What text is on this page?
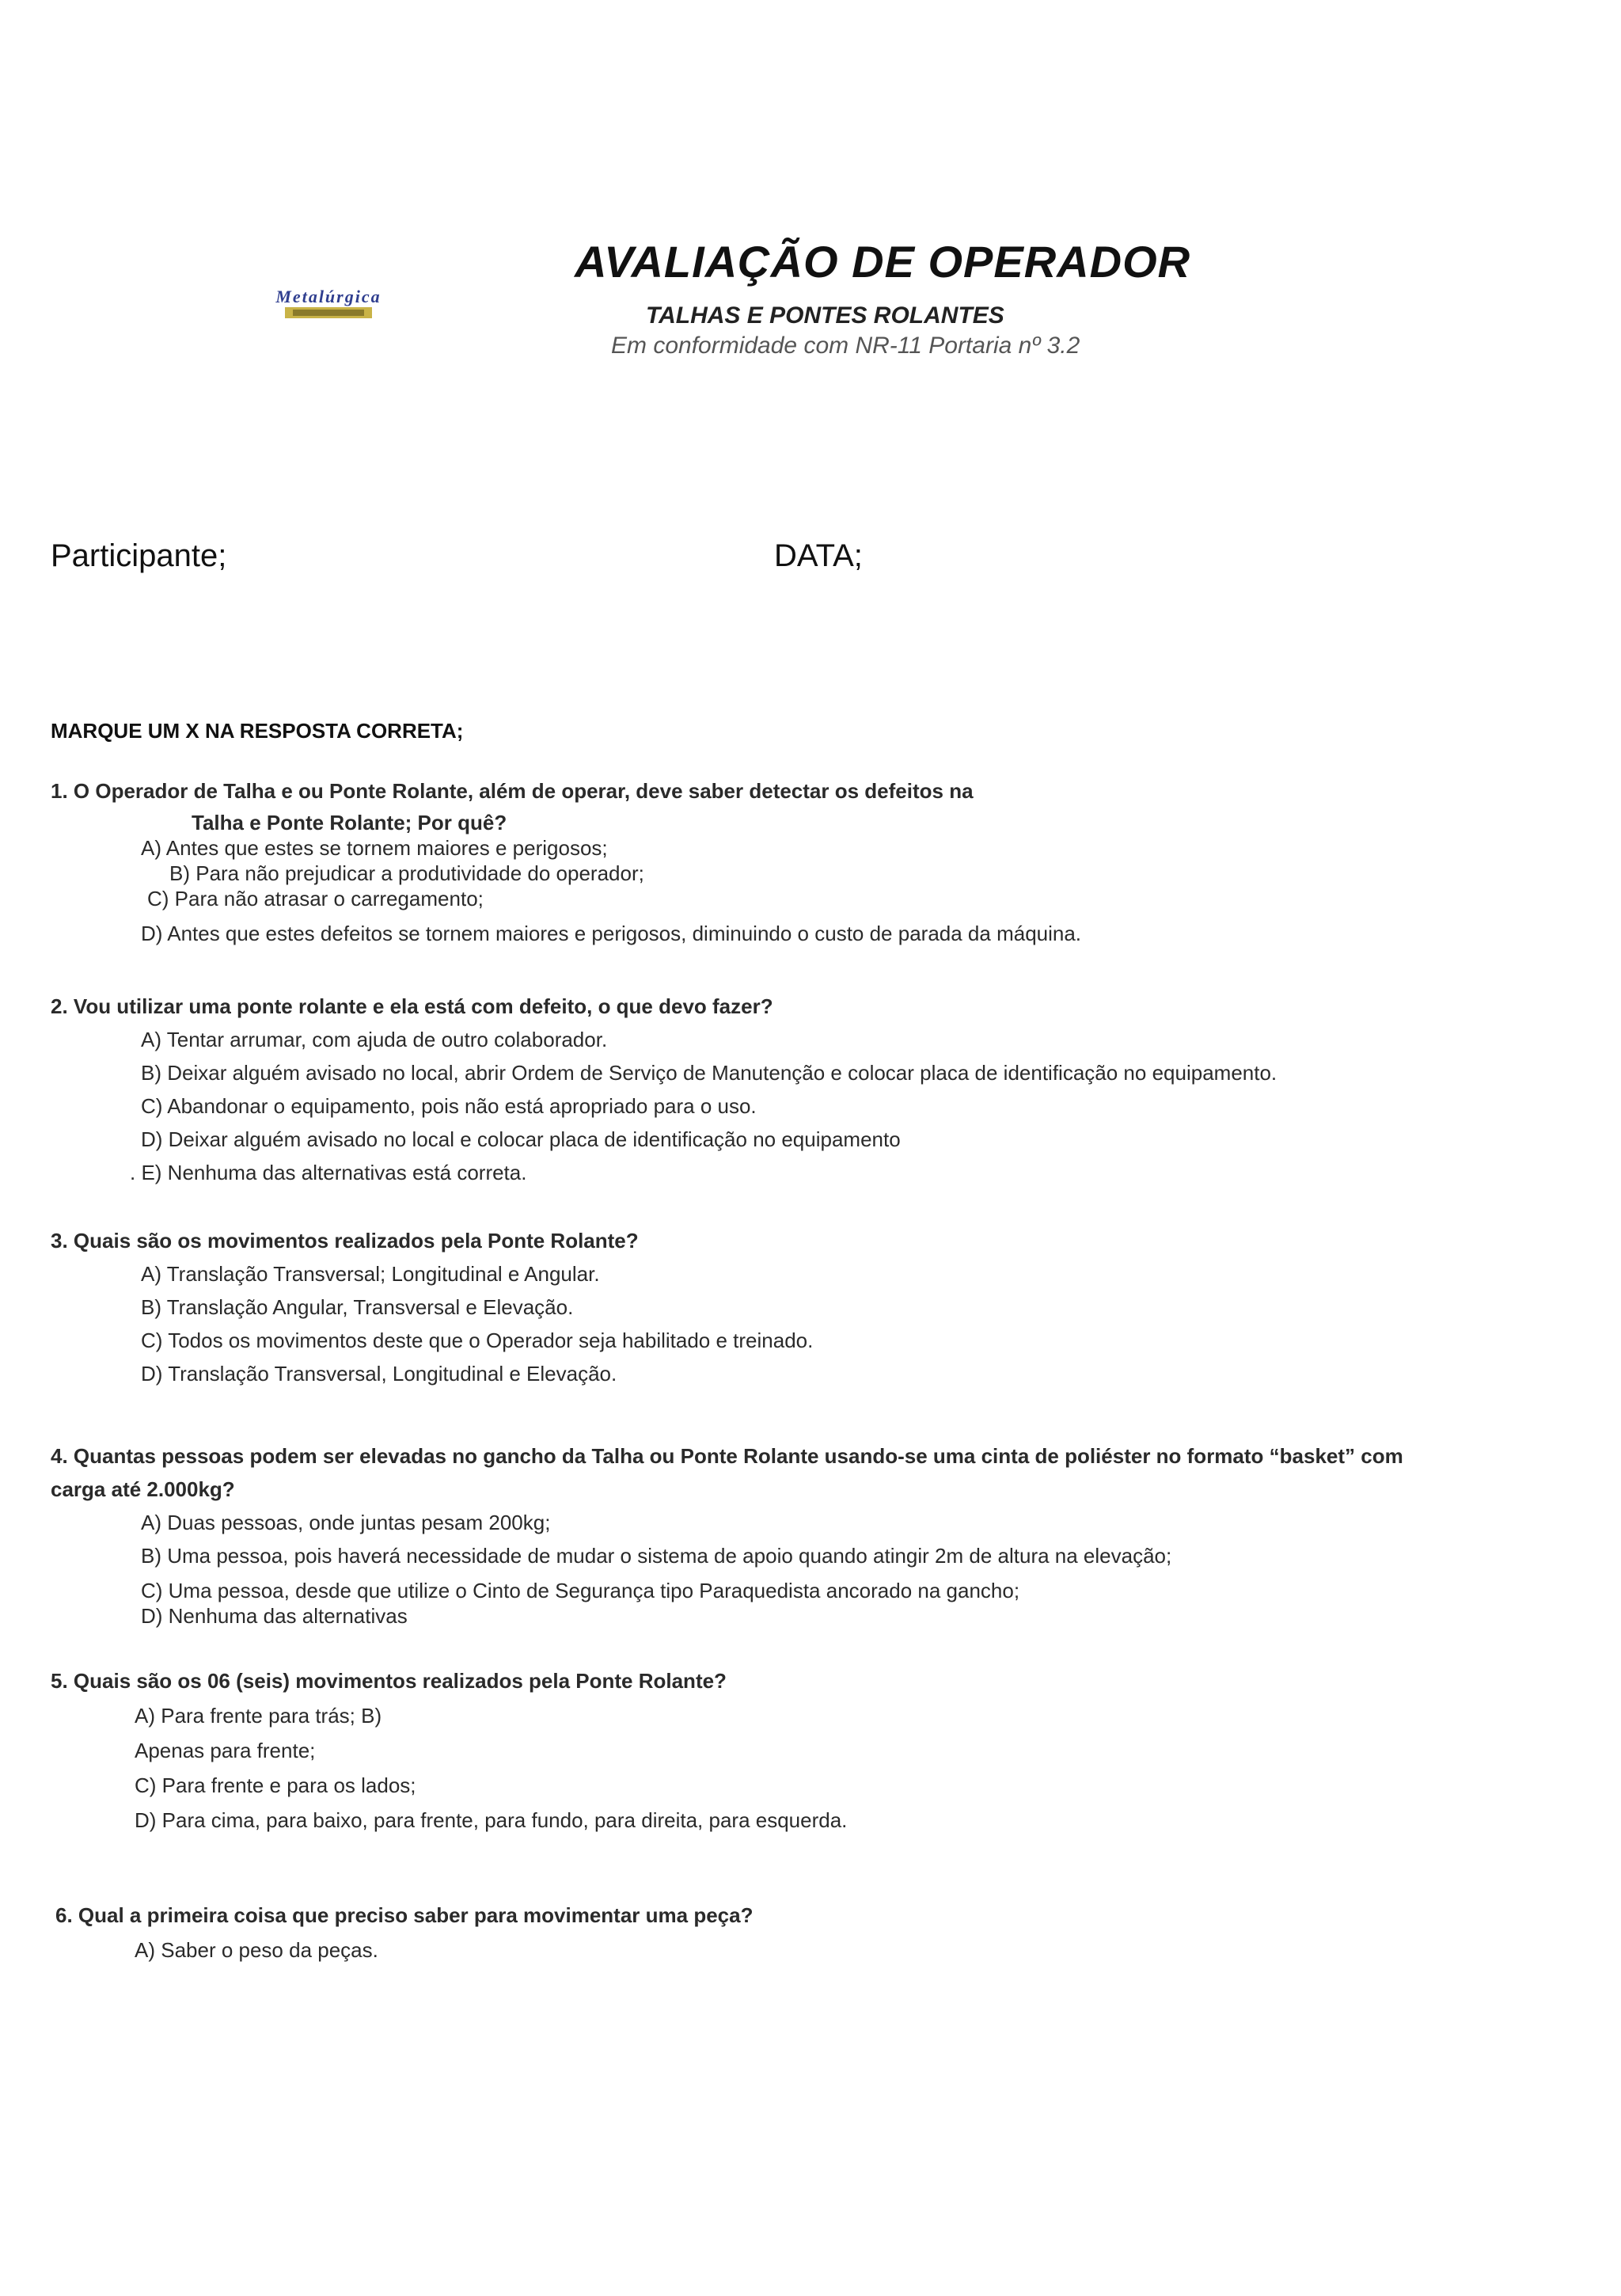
Metalúrgica
AVALIAÇÃO DE OPERADOR
TALHAS E PONTES ROLANTES
Em conformidade com NR-11 Portaria nº 3.2
Participante;	DATA;
MARQUE UM X NA RESPOSTA CORRETA;
1. O Operador de Talha e ou Ponte Rolante, além de operar, deve saber detectar os defeitos na
Talha e Ponte Rolante; Por quê?
A) Antes que estes se tornem maiores e perigosos;
B) Para não prejudicar a produtividade do operador;
C) Para não atrasar o carregamento;
D) Antes que estes defeitos se tornem maiores e perigosos, diminuindo o custo de parada da máquina.
2. Vou utilizar uma ponte rolante e ela está com defeito, o que devo fazer?
A) Tentar arrumar, com ajuda de outro colaborador.
B) Deixar alguém avisado no local, abrir Ordem de Serviço de Manutenção e colocar placa de identificação no equipamento.
C) Abandonar o equipamento, pois não está apropriado para o uso.
D) Deixar alguém avisado no local e colocar placa de identificação no equipamento
. E) Nenhuma das alternativas está correta.
3. Quais são os movimentos realizados pela Ponte Rolante?
A) Translação Transversal; Longitudinal e Angular.
B) Translação Angular, Transversal e Elevação.
C) Todos os movimentos deste que o Operador seja habilitado e treinado.
D) Translação Transversal, Longitudinal e Elevação.
4. Quantas pessoas podem ser elevadas no gancho da Talha ou Ponte Rolante usando-se uma cinta de poliéster no formato “basket” com
carga até 2.000kg?
A) Duas pessoas, onde juntas pesam 200kg;
B) Uma pessoa, pois haverá necessidade de mudar o sistema de apoio quando atingir 2m de altura na elevação;
C) Uma pessoa, desde que utilize o Cinto de Segurança tipo Paraquedista ancorado na gancho;
D) Nenhuma das alternativas
5. Quais são os 06 (seis) movimentos realizados pela Ponte Rolante?
A) Para frente para trás; B)
Apenas para frente;
C) Para frente e para os lados;
D) Para cima, para baixo, para frente, para fundo, para direita, para esquerda.
6. Qual a primeira coisa que preciso saber para movimentar uma peça?
A) Saber o peso da peças.
